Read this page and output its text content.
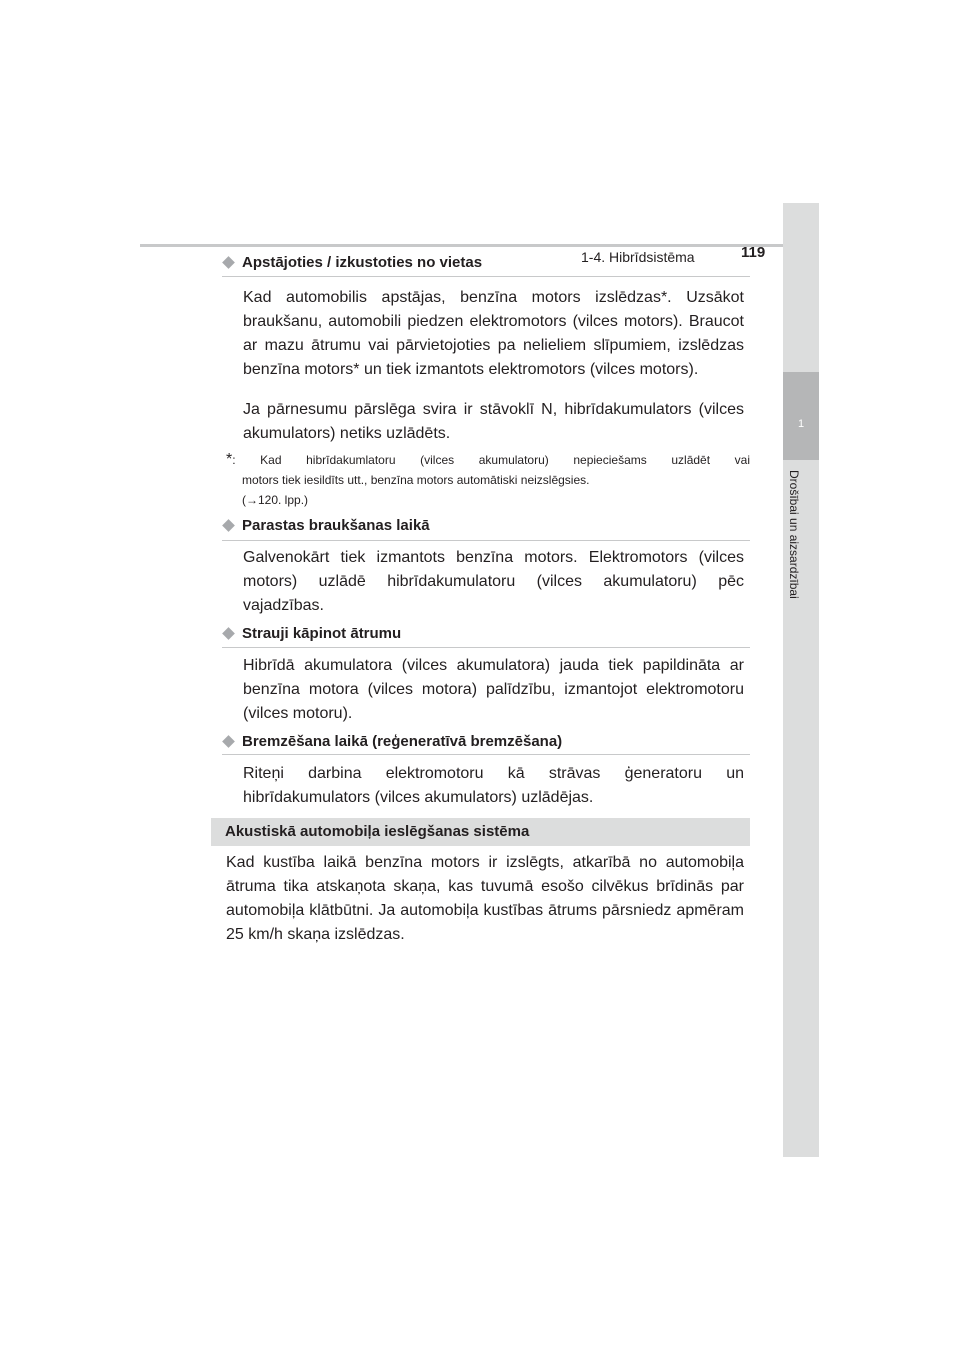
1-4. Hibrīdsistēma	119
1
Drošībai un aizsardzībai
Apstājoties / izkustoties no vietas
Kad automobilis apstājas, benzīna motors izslēdzas*. Uzsākot braukšanu, automobili piedzen elektromotors (vilces motors). Braucot ar mazu ātrumu vai pārvietojoties pa nelieliem slīpumiem, izslēdzas benzīna motors* un tiek izmantots elektromotors (vilces motors).
Ja pārnesumu pārslēga svira ir stāvoklī N, hibrīdakumulators (vilces akumulators) netiks uzlādēts.
*: Kad hibrīdakumlatoru (vilces akumulatoru) nepieciešams uzlādēt vai
motors tiek iesildīts utt., benzīna motors automātiski neizslēgsies.
(→120. lpp.)
Parastas braukšanas laikā
Galvenokārt tiek izmantots benzīna motors. Elektromotors (vilces motors) uzlādē hibrīdakumulatoru (vilces akumulatoru) pēc vajadzības.
Strauji kāpinot ātrumu
Hibrīdā akumulatora (vilces akumulatora) jauda tiek papildināta ar benzīna motora (vilces motora) palīdzību, izmantojot elektromotoru (vilces motoru).
Bremzēšana laikā (reģeneratīvā bremzēšana)
Riteņi darbina elektromotoru kā strāvas ģeneratoru un hibrīdakumulators (vilces akumulators) uzlādējas.
Akustiskā automobiļa ieslēgšanas sistēma
Kad kustība laikā benzīna motors ir izslēgts, atkarībā no automobiļa ātruma tika atskaņota skaņa, kas tuvumā esošo cilvēkus brīdinās par automobiļa klātbūtni. Ja automobiļa kustības ātrums pārsniedz apmēram 25 km/h skaņa izslēdzas.
